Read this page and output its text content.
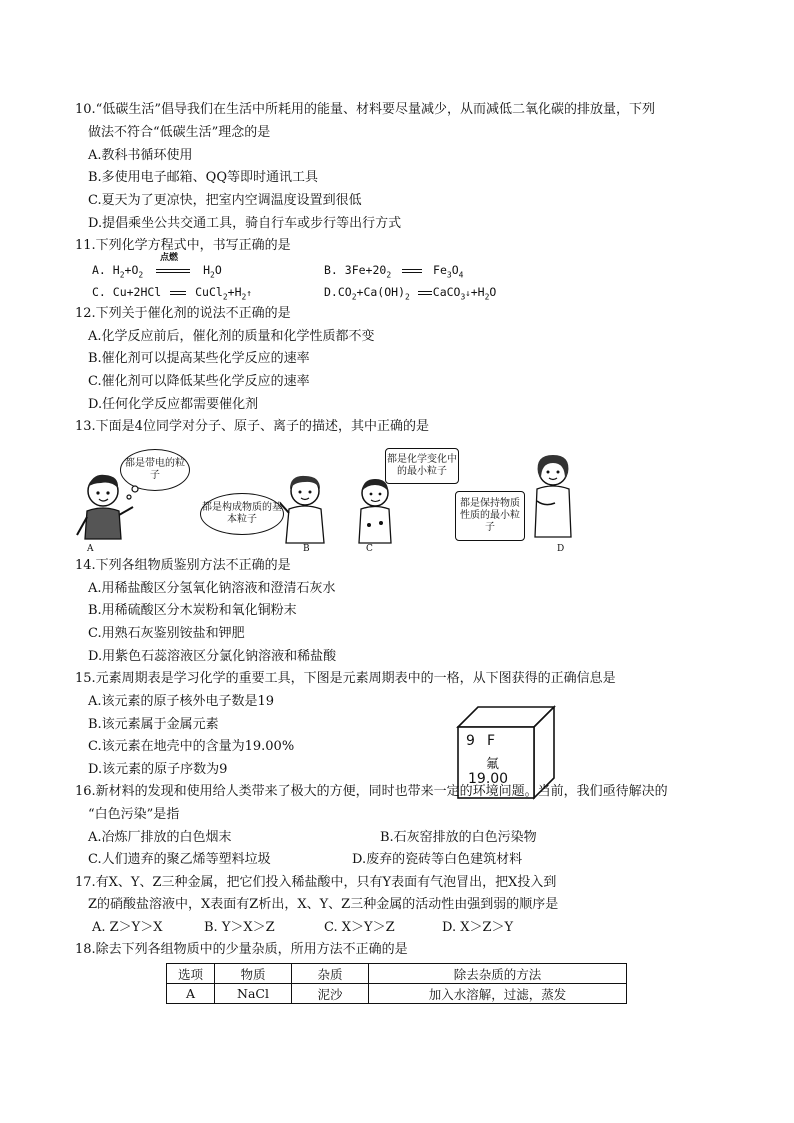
10.“低碳生活”倡导我们在生活中所耗用的能量、材料要尽量减少，从而减低二氧化碳的排放量，下列
做法不符合“低碳生活”理念的是
A.教科书循环使用
B.多使用电子邮箱、QQ等即时通讯工具
C.夏天为了更凉快，把室内空调温度设置到很低
D.提倡乘坐公共交通工具，骑自行车或步行等出行方式
11.下列化学方程式中，书写正确的是
点燃
A. $H_2+O_2$	$H_2O$	B. $3Fe+20_2$	$Fe_3O_4$
C. Cu+2HCl	$CuCl_2+H_2↑$	$D.CO_2+Ca(OH)_2$ $CaCO_3↓+H_2O$
12.下列关于催化剂的说法不正确的是
A.化学反应前后，催化剂的质量和化学性质都不变
B.催化剂可以提高某些化学反应的速率
C.催化剂可以降低某些化学反应的速率
D.任何化学反应都需要催化剂
13.下面是4位同学对分子、原子、离子的描述，其中正确的是
都是带电的粒子
都是构成物质的基本粒子
都是化学变化中的最小粒子
都是保持物质性质的最小粒子
A	B	C	D
14.下列各组物质鉴别方法不正确的是
A.用稀盐酸区分氢氧化钠溶液和澄清石灰水
B.用稀硫酸区分木炭粉和氧化铜粉末
C.用熟石灰鉴别铵盐和钾肥
D.用紫色石蕊溶液区分氯化钠溶液和稀盐酸
15.元素周期表是学习化学的重要工具，下图是元素周期表中的一格，从下图获得的正确信息是
A.该元素的原子核外电子数是19
B.该元素属于金属元素
C.该元素在地壳中的含量为19.00%
D.该元素的原子序数为9
9 F
氟
19.00
16.新材料的发现和使用给人类带来了极大的方便，同时也带来一定的环境问题。当前，我们亟待解决的
“白色污染”是指
A.冶炼厂排放的白色烟末	B.石灰窑排放的白色污染物
C.人们遗弃的聚乙烯等塑料垃圾	D.废弃的瓷砖等白色建筑材料
17.有X、Y、Z三种金属，把它们投入稀盐酸中，只有Y表面有气泡冒出，把X投入到
Z的硝酸盐溶液中，X表面有Z析出，X、Y、Z三种金属的活动性由强到弱的顺序是
A. Z＞Y＞X	B. Y＞X＞Z	C. X＞Y＞Z	D. X＞Z＞Y
18.除去下列各组物质中的少量杂质，所用方法不正确的是
选项	物质	杂质	除去杂质的方法
A	NaCl	泥沙	加入水溶解，过滤，蒸发
